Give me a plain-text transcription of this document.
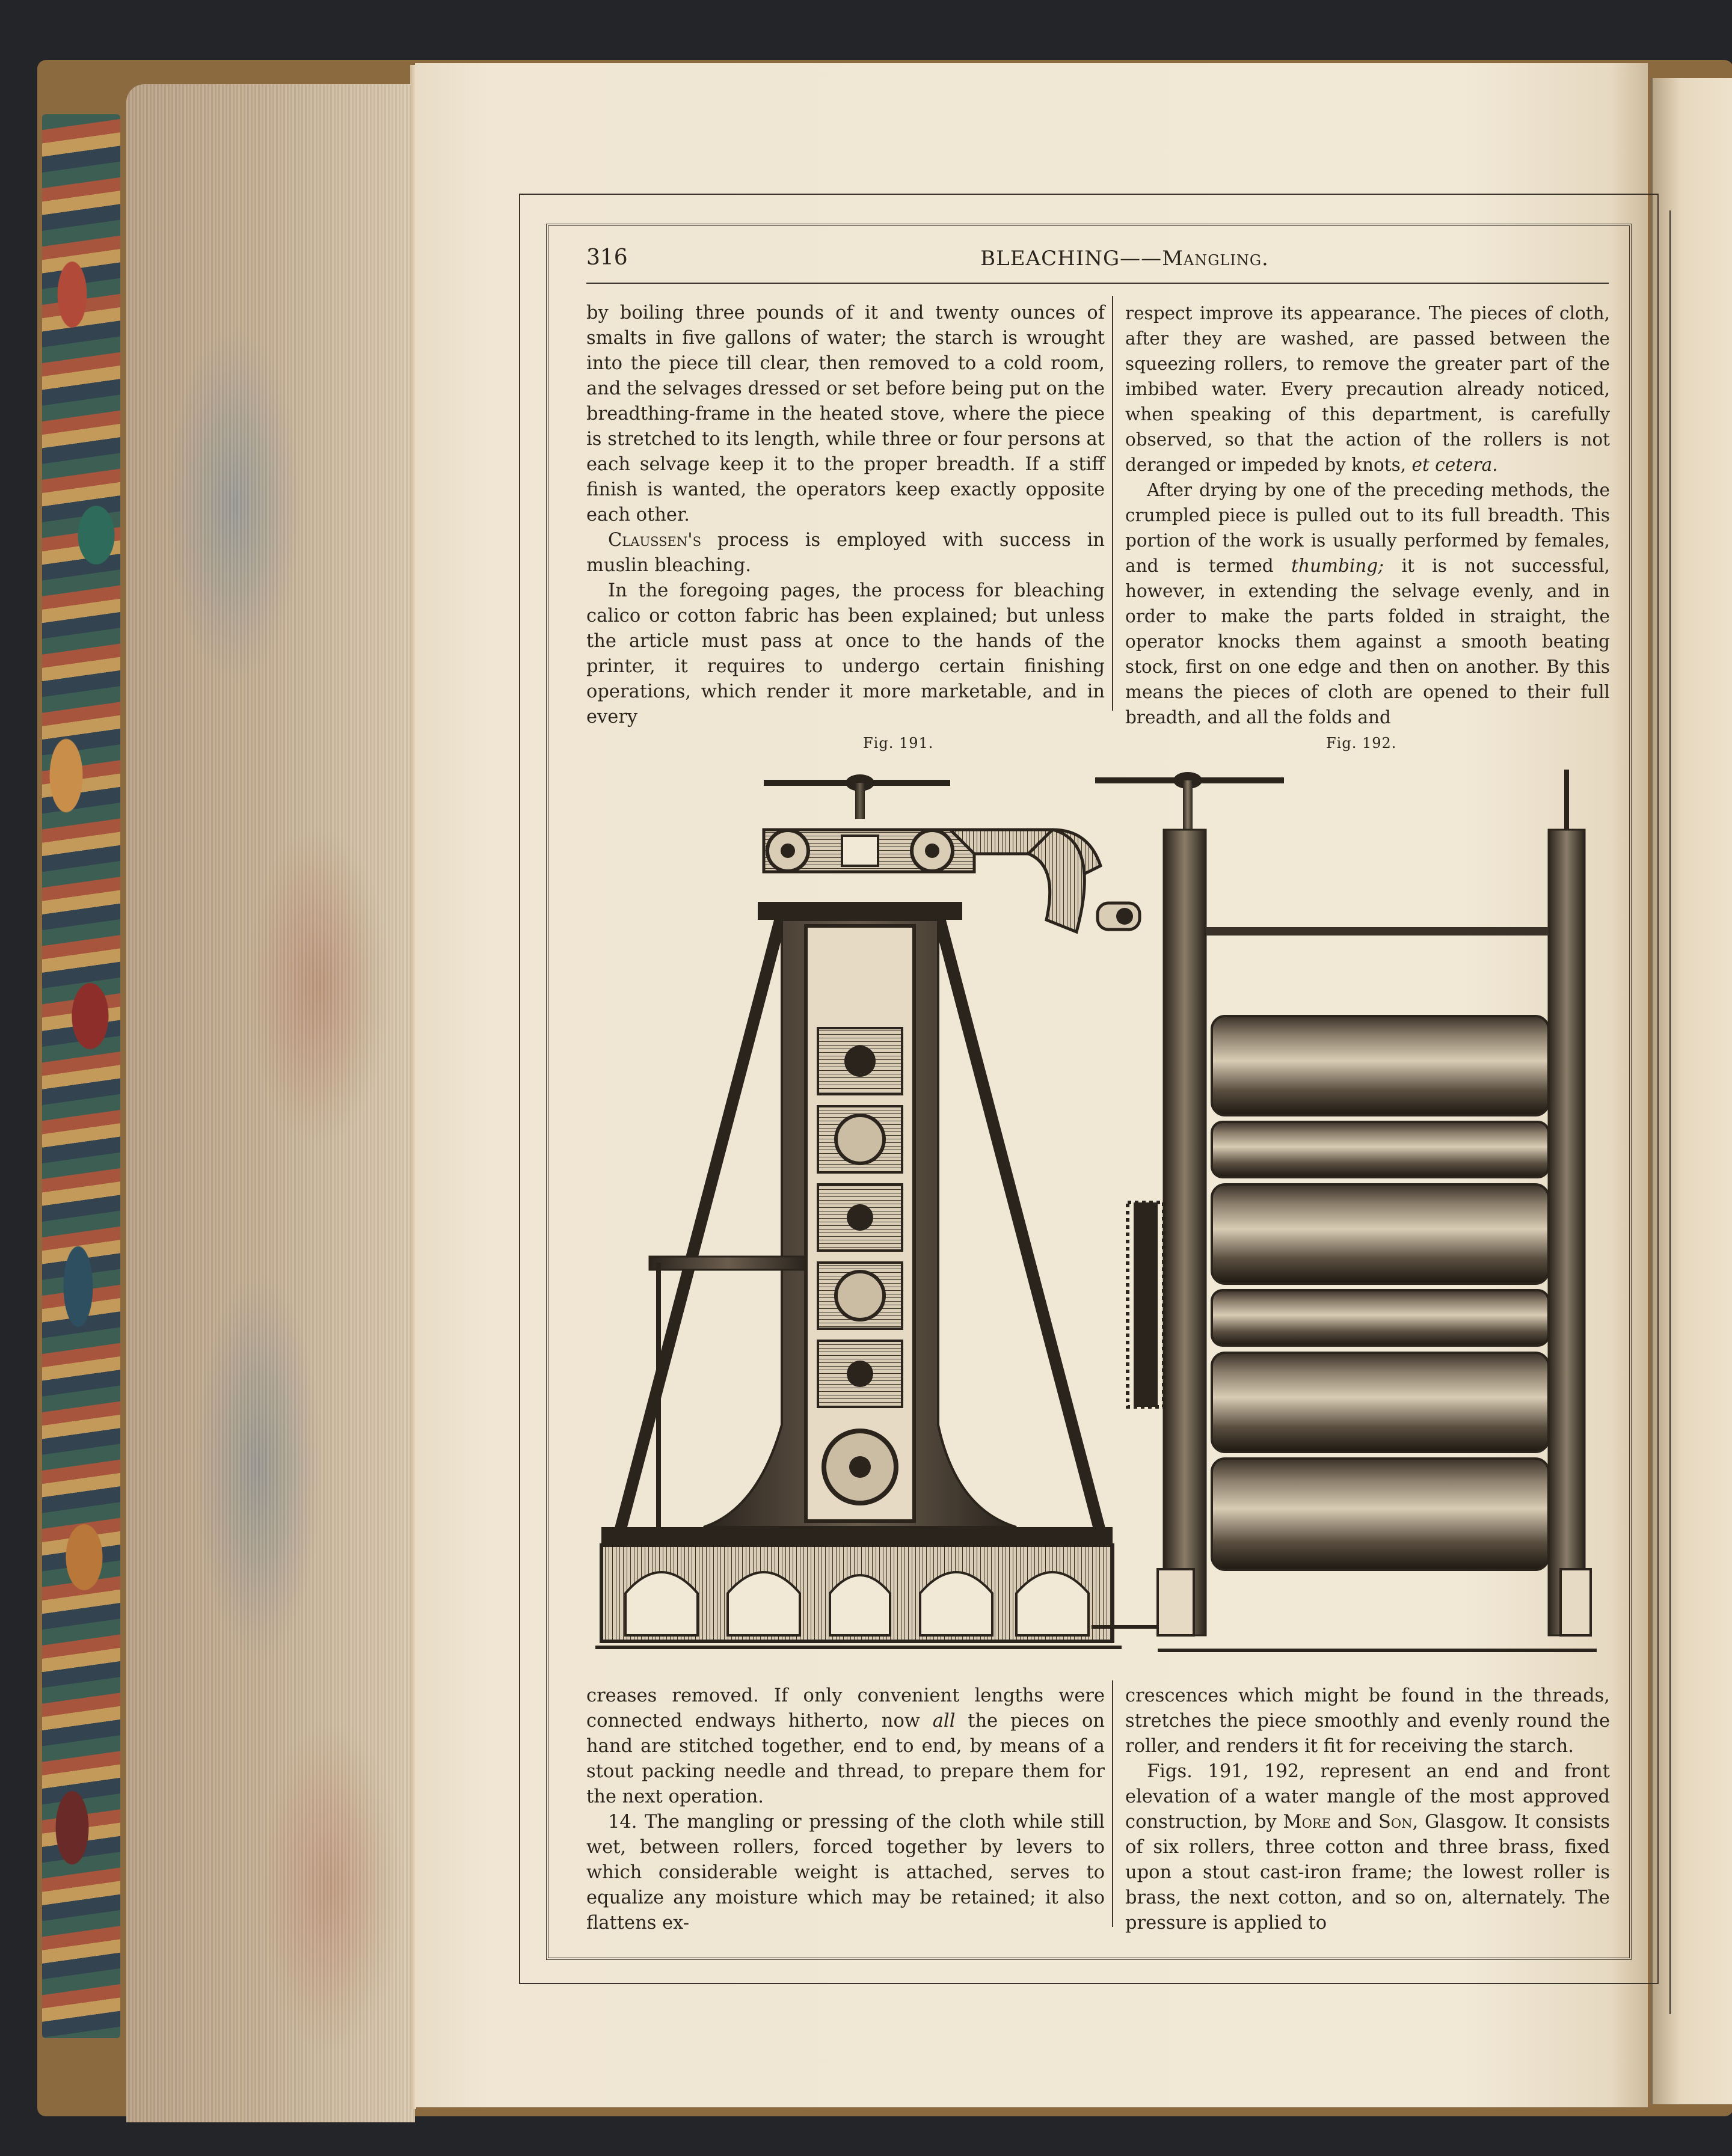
316	BLEACHING——Mangling.

by boiling three pounds of it and twenty ounces of smalts in five gallons of water; the starch is wrought into the piece till clear, then removed to a cold room, and the selvages dressed or set before being put on the breadthing-frame in the heated stove, where the piece is stretched to its length, while three or four persons at each selvage keep it to the proper breadth. If a stiff finish is wanted, the operators keep exactly opposite each other.

Claussen's process is employed with success in muslin bleaching.

In the foregoing pages, the process for bleaching calico or cotton fabric has been explained; but unless the article must pass at once to the hands of the printer, it requires to undergo certain finishing operations, which render it more marketable, and in every

respect improve its appearance. The pieces of cloth, after they are washed, are passed between the squeezing rollers, to remove the greater part of the imbibed water. Every precaution already noticed, when speaking of this department, is carefully observed, so that the action of the rollers is not deranged or impeded by knots, et cetera.

After drying by one of the preceding methods, the crumpled piece is pulled out to its full breadth. This portion of the work is usually performed by females, and is termed thumbing; it is not successful, however, in extending the selvage evenly, and in order to make the parts folded in straight, the operator knocks them against a smooth beating stock, first on one edge and then on another. By this means the pieces of cloth are opened to their full breadth, and all the folds and

Fig. 191.	Fig. 192.

creases removed. If only convenient lengths were connected endways hitherto, now all the pieces on hand are stitched together, end to end, by means of a stout packing needle and thread, to prepare them for the next operation.

14. The mangling or pressing of the cloth while still wet, between rollers, forced together by levers to which considerable weight is attached, serves to equalize any moisture which may be retained; it also flattens ex-

crescences which might be found in the threads, stretches the piece smoothly and evenly round the roller, and renders it fit for receiving the starch.

Figs. 191, 192, represent an end and front elevation of a water mangle of the most approved construction, by More and Son, Glasgow. It consists of six rollers, three cotton and three brass, fixed upon a stout cast-iron frame; the lowest roller is brass, the next cotton, and so on, alternately. The pressure is applied to
